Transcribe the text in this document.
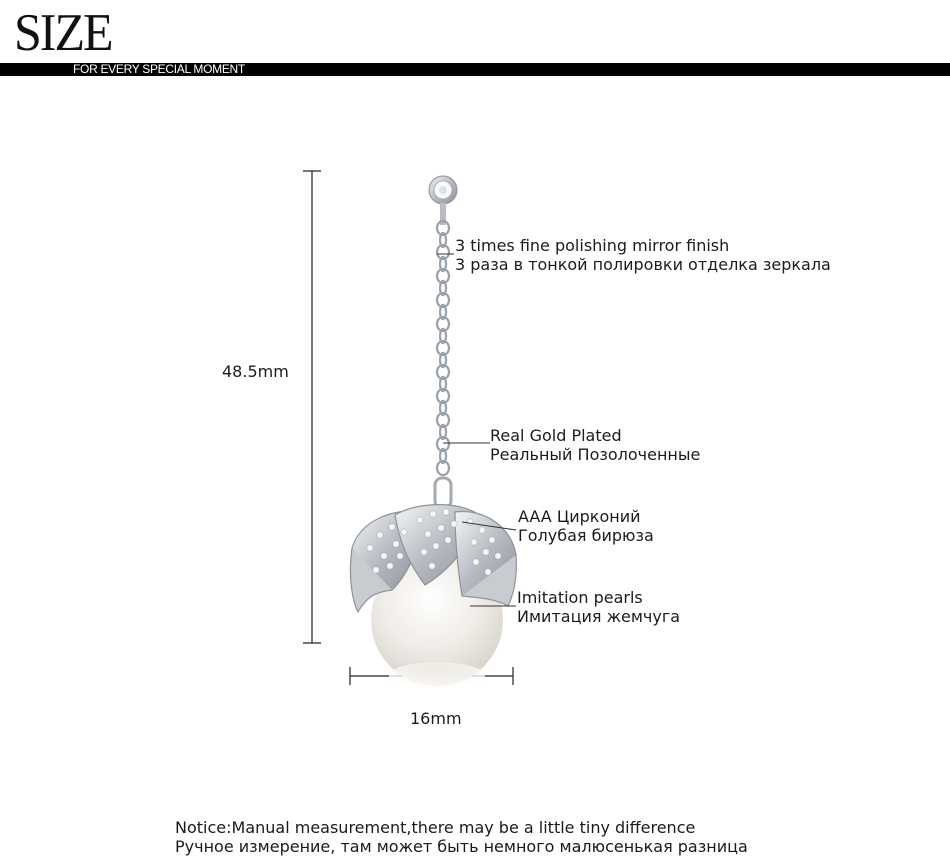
SIZE
FOR EVERY SPECIAL MOMENT
48.5mm
16mm
3 times fine polishing mirror finish
3 раза в тонкой полировки отделка зеркала
Real Gold Plated
Реальный Позолоченные
AAA Цирконий
Голубая бирюза
Imitation pearls
Имитация жемчуга
Notice:Manual measurement,there may be a little tiny difference
Ручное измерение, там может быть немного малюсенькая разница
